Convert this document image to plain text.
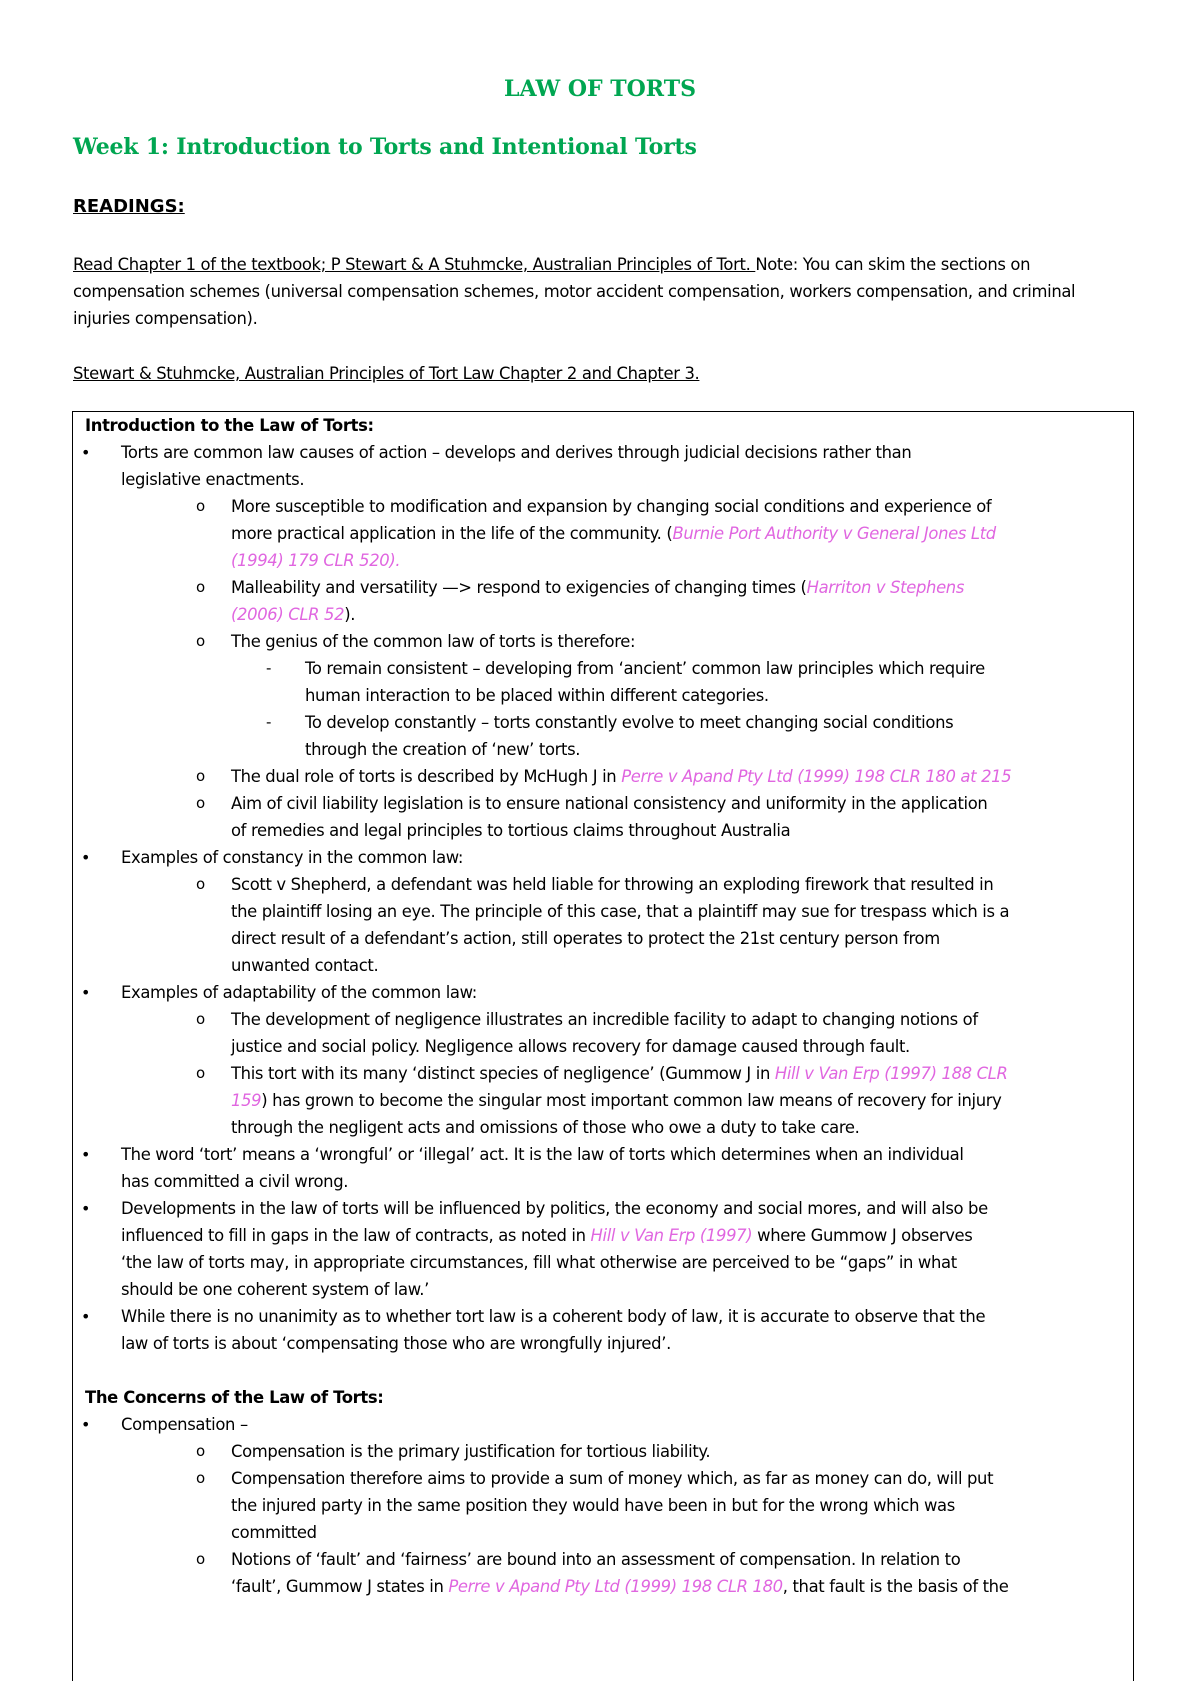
LAW OF TORTS
Week 1: Introduction to Torts and Intentional Torts
READINGS:
Read Chapter 1 of the textbook; P Stewart & A Stuhmcke, Australian Principles of Tort. Note: You can skim the sections on compensation schemes (universal compensation schemes, motor accident compensation, workers compensation, and criminal injuries compensation).
Stewart & Stuhmcke, Australian Principles of Tort Law Chapter 2 and Chapter 3.
Introduction to the Law of Torts:
• Torts are common law causes of action – develops and derives through judicial decisions rather than
legislative enactments.
o More susceptible to modification and expansion by changing social conditions and experience of
more practical application in the life of the community. (Burnie Port Authority v General Jones Ltd
(1994) 179 CLR 520).
o Malleability and versatility —> respond to exigencies of changing times (Harriton v Stephens
(2006) CLR 52).
o The genius of the common law of torts is therefore:
- To remain consistent – developing from ‘ancient’ common law principles which require
human interaction to be placed within different categories.
- To develop constantly – torts constantly evolve to meet changing social conditions
through the creation of ‘new’ torts.
o The dual role of torts is described by McHugh J in Perre v Apand Pty Ltd (1999) 198 CLR 180 at 215
o Aim of civil liability legislation is to ensure national consistency and uniformity in the application
of remedies and legal principles to tortious claims throughout Australia
• Examples of constancy in the common law:
o Scott v Shepherd, a defendant was held liable for throwing an exploding firework that resulted in
the plaintiff losing an eye. The principle of this case, that a plaintiff may sue for trespass which is a
direct result of a defendant’s action, still operates to protect the 21st century person from
unwanted contact.
• Examples of adaptability of the common law:
o The development of negligence illustrates an incredible facility to adapt to changing notions of
justice and social policy. Negligence allows recovery for damage caused through fault.
o This tort with its many ‘distinct species of negligence’ (Gummow J in Hill v Van Erp (1997) 188 CLR
159) has grown to become the singular most important common law means of recovery for injury
through the negligent acts and omissions of those who owe a duty to take care.
• The word ‘tort’ means a ‘wrongful’ or ‘illegal’ act. It is the law of torts which determines when an individual
has committed a civil wrong.
• Developments in the law of torts will be influenced by politics, the economy and social mores, and will also be
influenced to fill in gaps in the law of contracts, as noted in Hill v Van Erp (1997) where Gummow J observes
‘the law of torts may, in appropriate circumstances, fill what otherwise are perceived to be “gaps” in what
should be one coherent system of law.’
• While there is no unanimity as to whether tort law is a coherent body of law, it is accurate to observe that the
law of torts is about ‘compensating those who are wrongfully injured’.
The Concerns of the Law of Torts:
• Compensation –
o Compensation is the primary justification for tortious liability.
o Compensation therefore aims to provide a sum of money which, as far as money can do, will put
the injured party in the same position they would have been in but for the wrong which was
committed
o Notions of ‘fault’ and ‘fairness’ are bound into an assessment of compensation. In relation to
‘fault’, Gummow J states in Perre v Apand Pty Ltd (1999) 198 CLR 180, that fault is the basis of the
